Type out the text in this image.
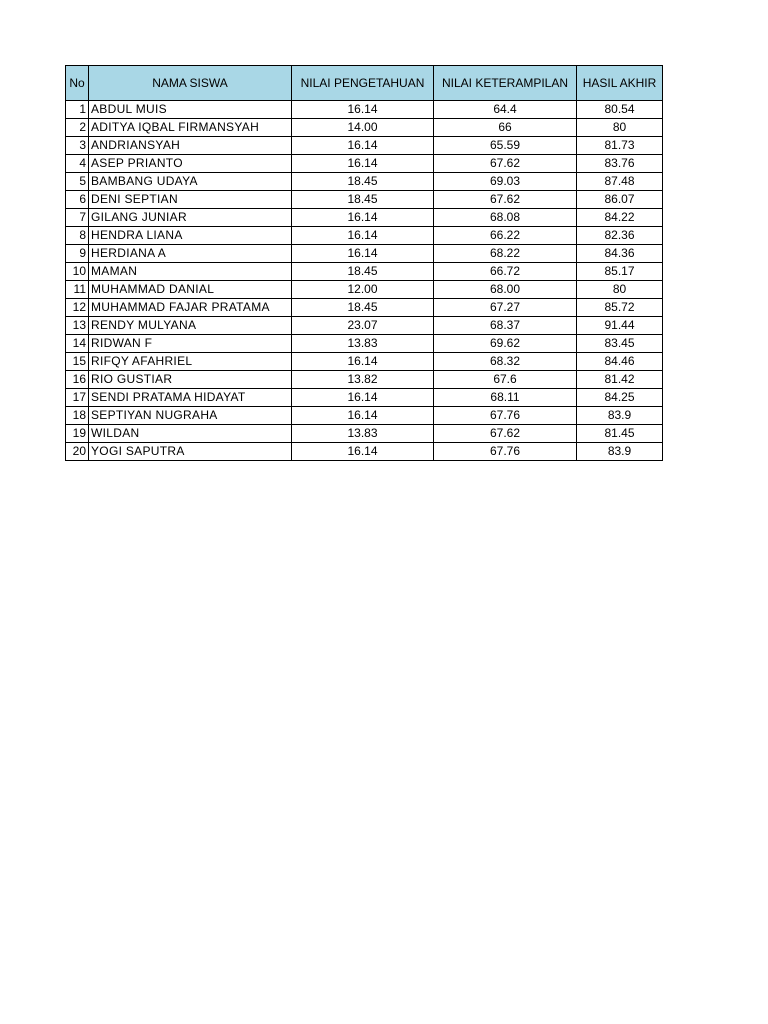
No	NAMA SISWA	NILAI PENGETAHUAN	NILAI KETERAMPILAN	HASIL AKHIR
1	ABDUL MUIS	16.14	64.4	80.54
2	ADITYA IQBAL FIRMANSYAH	14.00	66	80
3	ANDRIANSYAH	16.14	65.59	81.73
4	ASEP PRIANTO	16.14	67.62	83.76
5	BAMBANG UDAYA	18.45	69.03	87.48
6	DENI SEPTIAN	18.45	67.62	86.07
7	GILANG JUNIAR	16.14	68.08	84.22
8	HENDRA LIANA	16.14	66.22	82.36
9	HERDIANA A	16.14	68.22	84.36
10	MAMAN	18.45	66.72	85.17
11	MUHAMMAD DANIAL	12.00	68.00	80
12	MUHAMMAD FAJAR PRATAMA	18.45	67.27	85.72
13	RENDY MULYANA	23.07	68.37	91.44
14	RIDWAN F	13.83	69.62	83.45
15	RIFQY AFAHRIEL	16.14	68.32	84.46
16	RIO GUSTIAR	13.82	67.6	81.42
17	SENDI PRATAMA HIDAYAT	16.14	68.11	84.25
18	SEPTIYAN NUGRAHA	16.14	67.76	83.9
19	WILDAN	13.83	67.62	81.45
20	YOGI SAPUTRA	16.14	67.76	83.9
